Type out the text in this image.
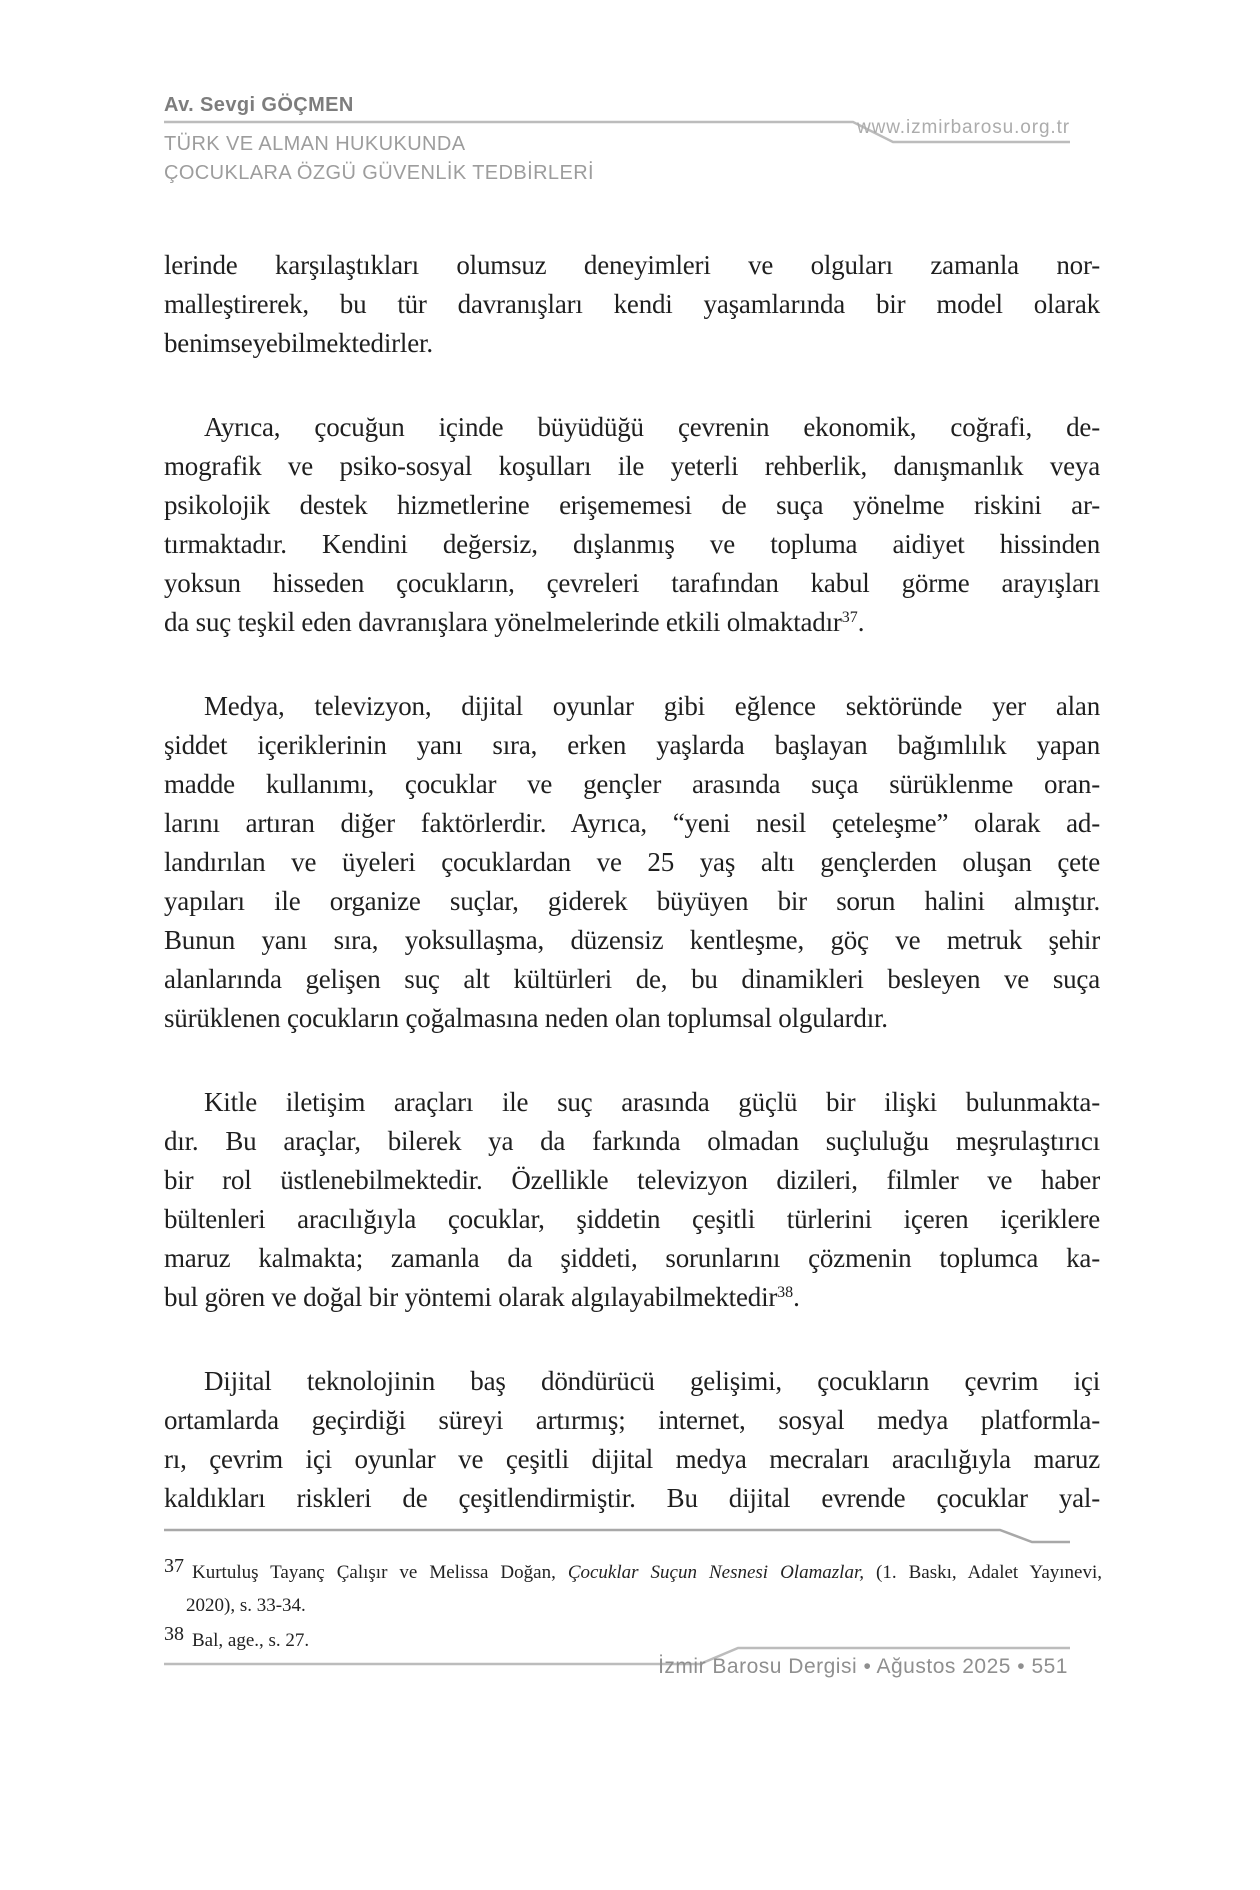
Av. Sevgi GÖÇMEN
www.izmirbarosu.org.tr
TÜRK VE ALMAN HUKUKUNDA
ÇOCUKLARA ÖZGÜ GÜVENLİK TEDBİRLERİ
lerinde karşılaştıkları olumsuz deneyimleri ve olguları zamanla nor-
malleştirerek, bu tür davranışları kendi yaşamlarında bir model olarak
benimseyebilmektedirler.
Ayrıca, çocuğun içinde büyüdüğü çevrenin ekonomik, coğrafi, de-
mografik ve psiko-sosyal koşulları ile yeterli rehberlik, danışmanlık veya
psikolojik destek hizmetlerine erişememesi de suça yönelme riskini ar-
tırmaktadır. Kendini değersiz, dışlanmış ve topluma aidiyet hissinden
yoksun hisseden çocukların, çevreleri tarafından kabul görme arayışları
da suç teşkil eden davranışlara yönelmelerinde etkili olmaktadır$^{37}$.
Medya, televizyon, dijital oyunlar gibi eğlence sektöründe yer alan
şiddet içeriklerinin yanı sıra, erken yaşlarda başlayan bağımlılık yapan
madde kullanımı, çocuklar ve gençler arasında suça sürüklenme oran-
larını artıran diğer faktörlerdir. Ayrıca, “yeni nesil çeteleşme” olarak ad-
landırılan ve üyeleri çocuklardan ve 25 yaş altı gençlerden oluşan çete
yapıları ile organize suçlar, giderek büyüyen bir sorun halini almıştır.
Bunun yanı sıra, yoksullaşma, düzensiz kentleşme, göç ve metruk şehir
alanlarında gelişen suç alt kültürleri de, bu dinamikleri besleyen ve suça
sürüklenen çocukların çoğalmasına neden olan toplumsal olgulardır.
Kitle iletişim araçları ile suç arasında güçlü bir ilişki bulunmakta-
dır. Bu araçlar, bilerek ya da farkında olmadan suçluluğu meşrulaştırıcı
bir rol üstlenebilmektedir. Özellikle televizyon dizileri, filmler ve haber
bültenleri aracılığıyla çocuklar, şiddetin çeşitli türlerini içeren içeriklere
maruz kalmakta; zamanla da şiddeti, sorunlarını çözmenin toplumca ka-
bul gören ve doğal bir yöntemi olarak algılayabilmektedir$^{38}$.
Dijital teknolojinin baş döndürücü gelişimi, çocukların çevrim içi
ortamlarda geçirdiği süreyi artırmış; internet, sosyal medya platformla-
rı, çevrim içi oyunlar ve çeşitli dijital medya mecraları aracılığıyla maruz
kaldıkları riskleri de çeşitlendirmiştir. Bu dijital evrende çocuklar yal-
37 Kurtuluş Tayanç Çalışır ve Melissa Doğan, Çocuklar Suçun Nesnesi Olamazlar, (1. Baskı, Adalet Yayınevi,
2020), s. 33-34.
38 Bal, age., s. 27.
İzmir Barosu Dergisi • Ağustos 2025 • 551
